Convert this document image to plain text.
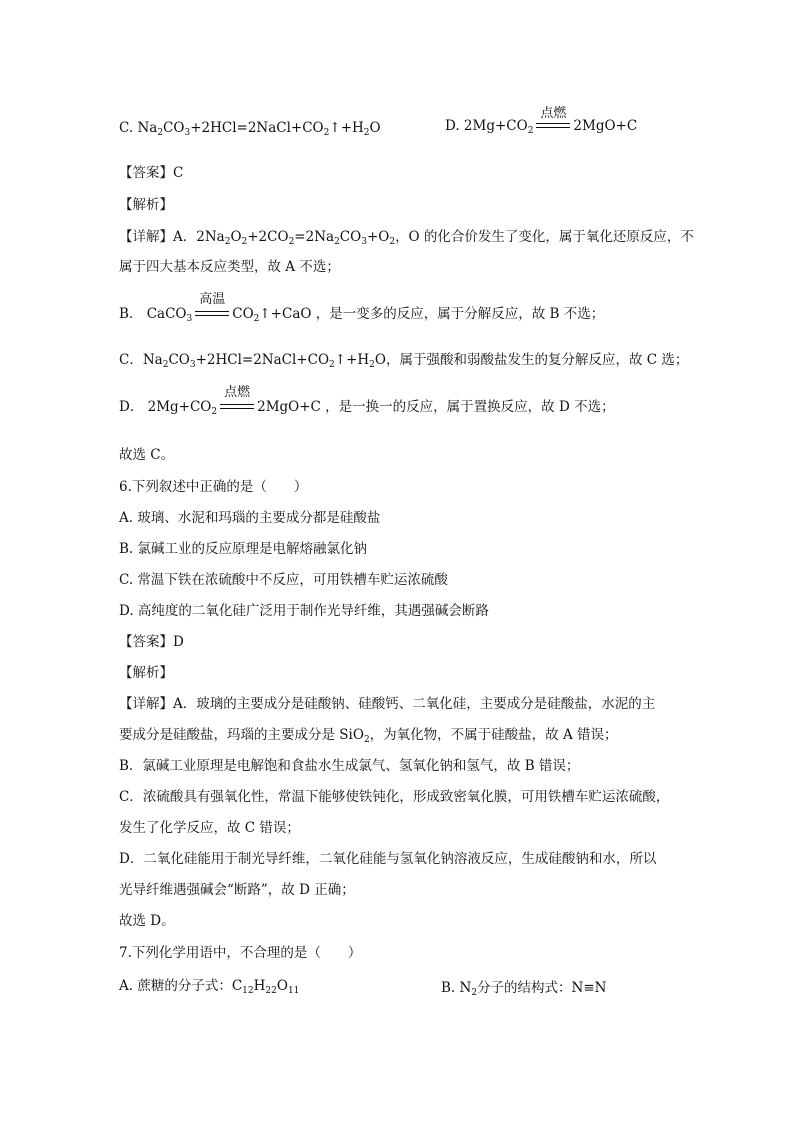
C. $Na_2CO_3+2HCl=2NaCl+CO_2↑+H_2O$	D. $2Mg+CO_2$
点燃
2MgO+C
【答案】C
【解析】
【详解】A．$2Na_2O_2+2CO_2=2Na_2CO_3+O_2$，O 的化合价发生了变化，属于氧化还原反应，不
属于四大基本反应类型，故 A 不选；
B． CaCO$_3$
高温
$CO_2↑+CaO$ ，是一变多的反应，属于分解反应，故 B 不选；
C．$Na_2CO_3+2HCl=2NaCl+CO_2↑+H_2O$，属于强酸和弱酸盐发生的复分解反应，故 C 选；
D． $2Mg+CO_2$
点燃
2MgO+C ，是一换一的反应，属于置换反应，故 D 不选；
故选 C。
6.下列叙述中正确的是（　　）
A. 玻璃、水泥和玛瑙的主要成分都是硅酸盐
B. 氯碱工业的反应原理是电解熔融氯化钠
C. 常温下铁在浓硫酸中不反应，可用铁槽车贮运浓硫酸
D. 高纯度的二氧化硅广泛用于制作光导纤维，其遇强碱会断路
【答案】D
【解析】
【详解】A．玻璃的主要成分是硅酸钠、硅酸钙、二氧化硅，主要成分是硅酸盐，水泥的主
要成分是硅酸盐，玛瑙的主要成分是 SiO$_2$，为氧化物，不属于硅酸盐，故 A 错误；
B．氯碱工业原理是电解饱和食盐水生成氯气、氢氧化钠和氢气，故 B 错误；
C．浓硫酸具有强氧化性，常温下能够使铁钝化，形成致密氧化膜，可用铁槽车贮运浓硫酸，
发生了化学反应，故 C 错误；
D．二氧化硅能用于制光导纤维，二氧化硅能与氢氧化钠溶液反应，生成硅酸钠和水，所以
光导纤维遇强碱会“断路”，故 D 正确；
故选 D。
7.下列化学用语中，不合理的是（　　）
A. 蔗糖的分子式：$C_{12}H_{22}O_{11}$	B. $N_2$分子的结构式：N≡N
